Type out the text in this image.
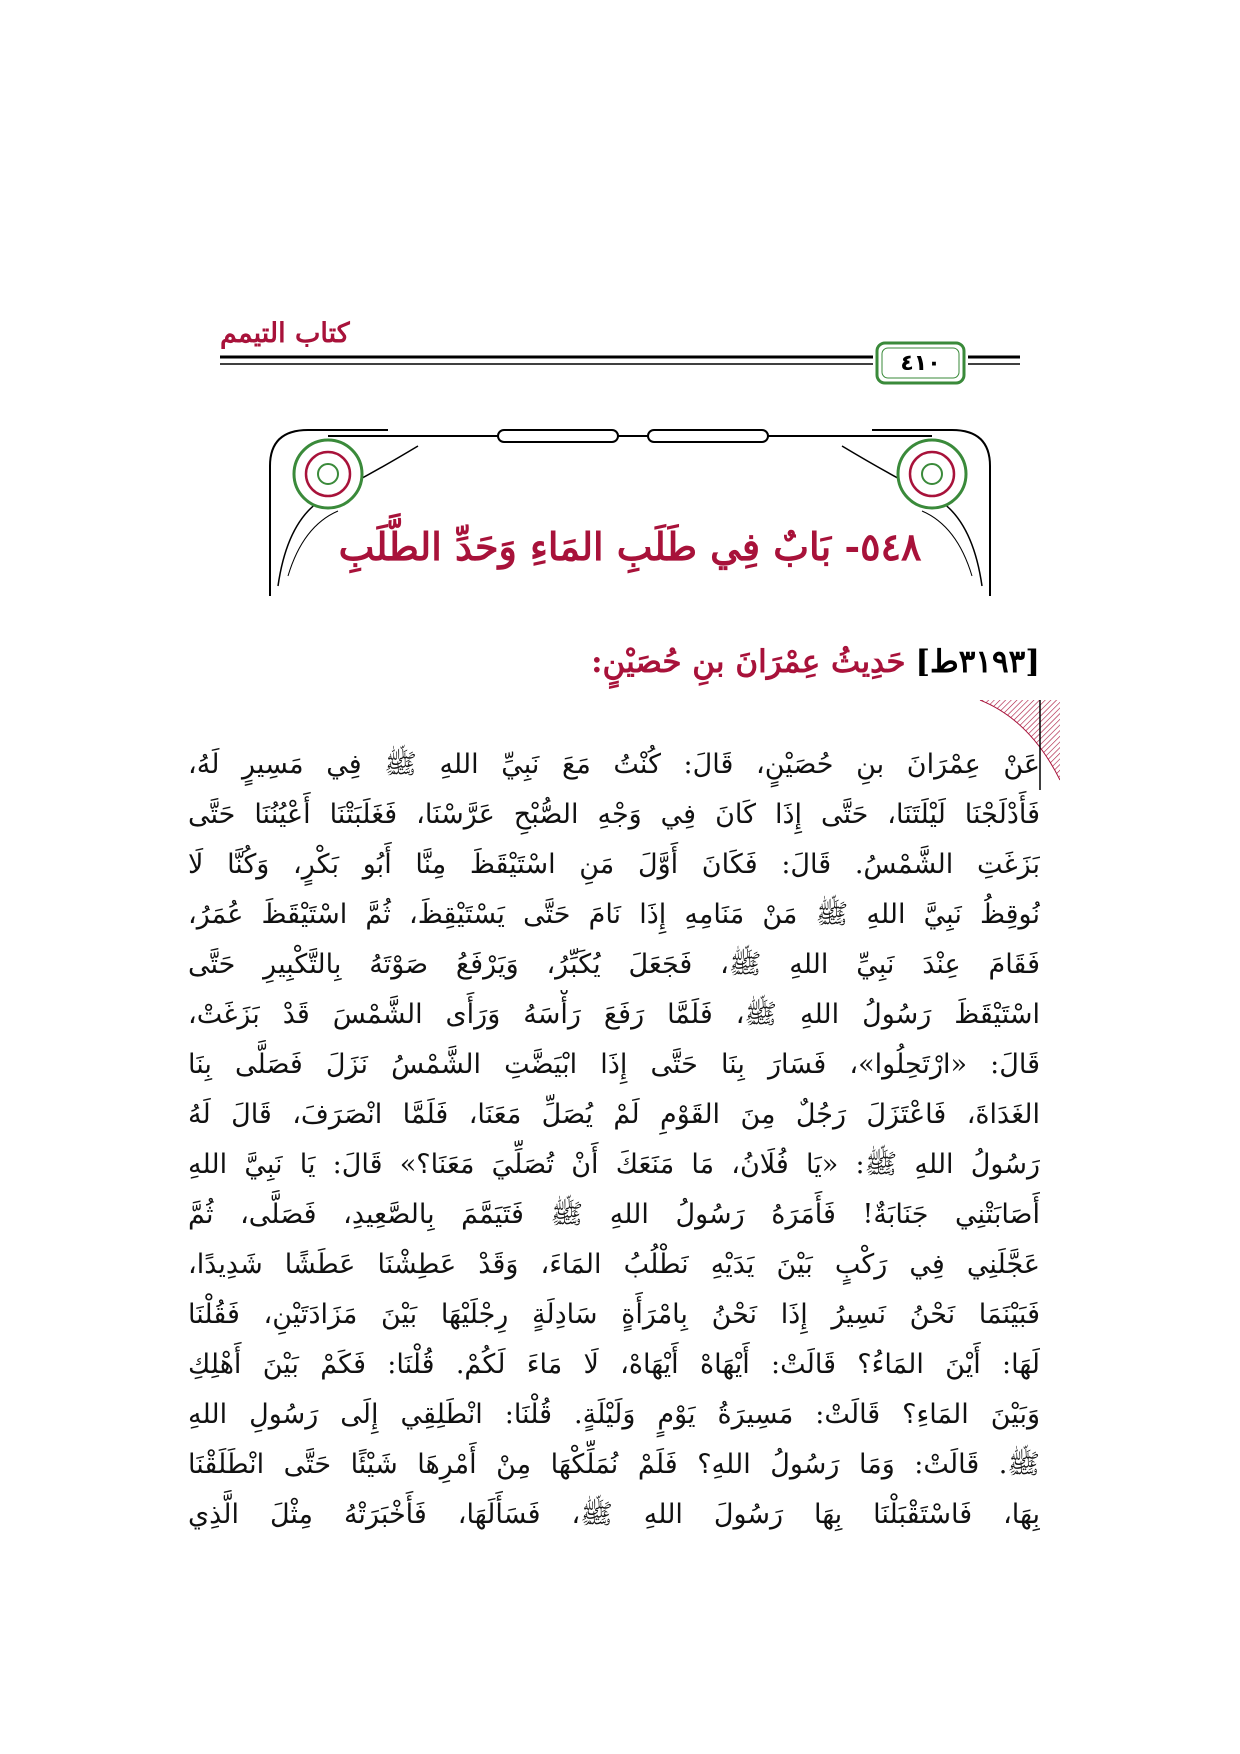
كتاب التيمم
٤١٠
٥٤٨- بَابٌ فِي طَلَبِ المَاءِ وَحَدِّ الطَّلَبِ
[٣١٩٣ط] حَدِيثُ عِمْرَانَ بنِ حُصَيْنٍ:
عَنْ عِمْرَانَ بنِ حُصَيْنٍ، قَالَ: كُنْتُ مَعَ نَبِيِّ اللهِ ﷺ فِي مَسِيرٍ لَهُ،
فَأَدْلَجْنَا لَيْلَتَنَا، حَتَّى إِذَا كَانَ فِي وَجْهِ الصُّبْحِ عَرَّسْنَا، فَغَلَبَتْنَا أَعْيُنُنَا حَتَّى
بَزَغَتِ الشَّمْسُ. قَالَ: فَكَانَ أَوَّلَ مَنِ اسْتَيْقَظَ مِنَّا أَبُو بَكْرٍ، وَكُنَّا لَا
نُوقِظُ نَبِيَّ اللهِ ﷺ مَنْ مَنَامِهِ إِذَا نَامَ حَتَّى يَسْتَيْقِظَ، ثُمَّ اسْتَيْقَظَ عُمَرُ،
فَقَامَ عِنْدَ نَبِيِّ اللهِ ﷺ، فَجَعَلَ يُكَبِّرُ، وَيَرْفَعُ صَوْتَهُ بِالتَّكْبِيرِ حَتَّى
اسْتَيْقَظَ رَسُولُ اللهِ ﷺ، فَلَمَّا رَفَعَ رَأْسَهُ وَرَأَى الشَّمْسَ قَدْ بَزَغَتْ،
قَالَ: «ارْتَحِلُوا»، فَسَارَ بِنَا حَتَّى إِذَا ابْيَضَّتِ الشَّمْسُ نَزَلَ فَصَلَّى بِنَا
الغَدَاةَ، فَاعْتَزَلَ رَجُلٌ مِنَ القَوْمِ لَمْ يُصَلِّ مَعَنَا، فَلَمَّا انْصَرَفَ، قَالَ لَهُ
رَسُولُ اللهِ ﷺ: «يَا فُلَانُ، مَا مَنَعَكَ أَنْ تُصَلِّيَ مَعَنَا؟» قَالَ: يَا نَبِيَّ اللهِ
أَصَابَتْنِي جَنَابَةٌ! فَأَمَرَهُ رَسُولُ اللهِ ﷺ فَتَيَمَّمَ بِالصَّعِيدِ، فَصَلَّى، ثُمَّ
عَجَّلَنِي فِي رَكْبٍ بَيْنَ يَدَيْهِ نَطْلُبُ المَاءَ، وَقَدْ عَطِشْنَا عَطَشًا شَدِيدًا،
فَبَيْنَمَا نَحْنُ نَسِيرُ إِذَا نَحْنُ بِامْرَأَةٍ سَادِلَةٍ رِجْلَيْهَا بَيْنَ مَزَادَتَيْنِ، فَقُلْنَا
لَهَا: أَيْنَ المَاءُ؟ قَالَتْ: أَيْهَاهْ أَيْهَاهْ، لَا مَاءَ لَكُمْ. قُلْنَا: فَكَمْ بَيْنَ أَهْلِكِ
وَبَيْنَ المَاءِ؟ قَالَتْ: مَسِيرَةُ يَوْمٍ وَلَيْلَةٍ. قُلْنَا: انْطَلِقِي إِلَى رَسُولِ اللهِ
ﷺ. قَالَتْ: وَمَا رَسُولُ اللهِ؟ فَلَمْ نُمَلِّكْهَا مِنْ أَمْرِهَا شَيْئًا حَتَّى انْطَلَقْنَا
بِهَا، فَاسْتَقْبَلْنَا بِهَا رَسُولَ اللهِ ﷺ، فَسَأَلَهَا، فَأَخْبَرَتْهُ مِثْلَ الَّذِي
